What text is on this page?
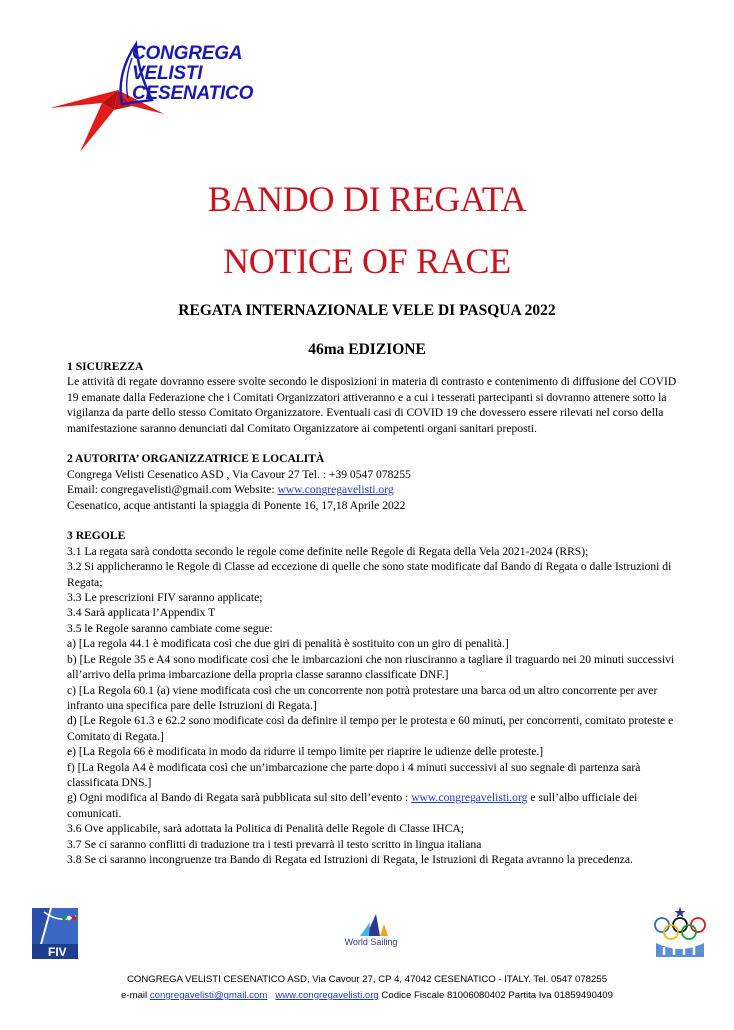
CONGREGA
VELISTI
CESENATICO
BANDO DI REGATA
NOTICE OF RACE
REGATA INTERNAZIONALE VELE DI PASQUA 2022
46ma EDIZIONE

1 SICUREZZA

Le attività di regate dovranno essere svolte secondo le disposizioni in materia di contrasto e contenimento di diffusione del COVID 19 emanate dalla Federazione che i Comitati Organizzatori attiveranno e a cui i tesserati partecipanti si dovranno attenere sotto la vigilanza da parte dello stesso Comitato Organizzatore. Eventuali casi di COVID 19 che dovessero essere rilevati nel corso della manifestazione saranno denunciati dal Comitato Organizzatore ai competenti organi sanitari preposti.

2 AUTORITA’ ORGANIZZATRICE E LOCALITÀ

Congrega Velisti Cesenatico ASD , Via Cavour 27 Tel. : +39 0547 078255

Email: congregavelisti@gmail.com Website: www.congregavelisti.org

Cesenatico, acque antistanti la spiaggia di Ponente 16, 17,18 Aprile 2022

3 REGOLE

3.1 La regata sarà condotta secondo le regole come definite nelle Regole di Regata della Vela 2021-2024 (RRS);

3.2 Si applicheranno le Regole di Classe ad eccezione di quelle che sono state modificate dal Bando di Regata o dalle Istruzioni di Regata;

3.3 Le prescrizioni FIV saranno applicate;

3.4 Sarà applicata l’Appendix T

3.5 le Regole saranno cambiate come segue:

a) [La regola 44.1 è modificata così che due giri di penalità è sostituito con un giro di penalità.]

b) [Le Regole 35 e A4 sono modificate così che le imbarcazioni che non riusciranno a tagliare il traguardo nei 20 minuti successivi all’arrivo della prima imbarcazione della propria classe saranno classificate DNF.]

c) [La Regola 60.1 (a) viene modificata così che un concorrente non potrà protestare una barca od un altro concorrente per aver infranto una specifica pare delle Istruzioni di Regata.]

d) [Le Regole 61.3 e 62.2 sono modificate così da definire il tempo per le protesta e 60 minuti, per concorrenti, comitato proteste e Comitato di Regata.]

e) [La Regola 66 è modificata in modo da ridurre il tempo limite per riaprire le udienze delle proteste.]

f) [La Regola A4 è modificata così che un’imbarcazione che parte dopo i 4 minuti successivi al suo segnale di partenza sarà classificata DNS.]

g) Ogni modifica al Bando di Regata sarà pubblicata sul sito dell’evento : www.congregavelisti.org e sull’albo ufficiale dei comunicati.

3.6 Ove applicabile, sarà adottata la Politica di Penalità delle Regole di Classe IHCA;

3.7 Se ci saranno conflitti di traduzione tra i testi prevarrà il testo scritto in lingua italiana

3.8 Se ci saranno incongruenze tra Bando di Regata ed Istruzioni di Regata, le Istruzioni di Regata avranno la precedenza.

FIV
World Sailing
CONGREGA VELISTI CESENATICO ASD, Via Cavour 27, CP 4, 47042 CESENATICO - ITALY. Tel. 0547 078255
e-mail congregavelisti@gmail.com www.congregavelisti.org Codice Fiscale 81006080402 Partita Iva 01859490409
